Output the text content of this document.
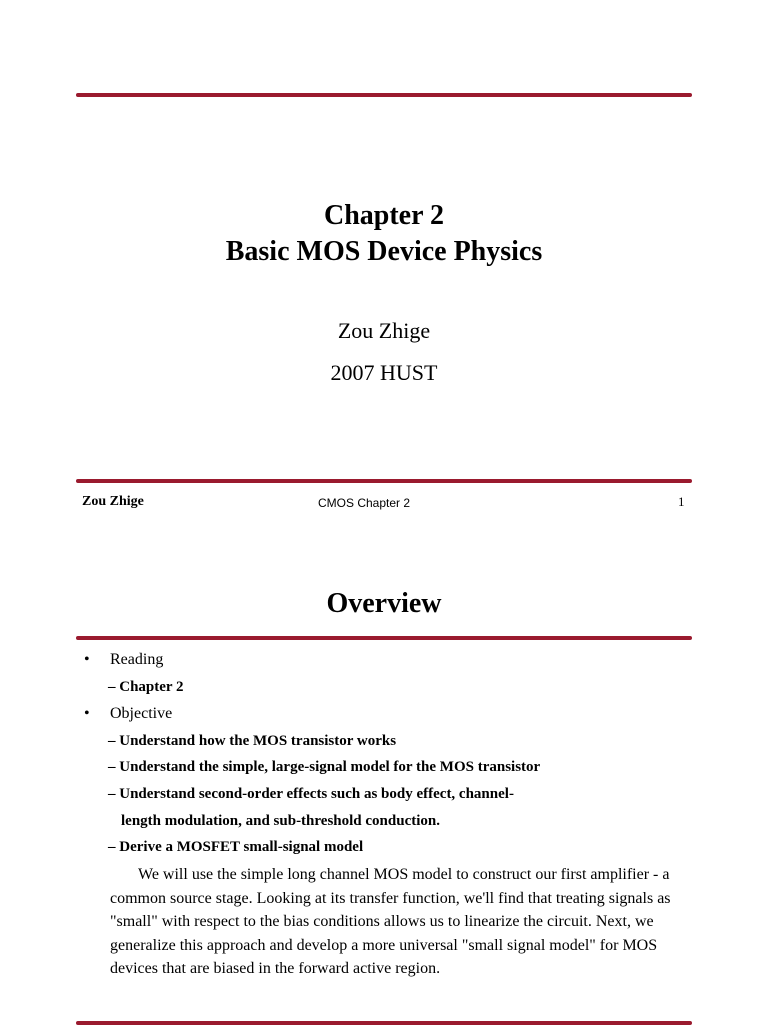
Chapter 2
Basic MOS Device Physics
Zou Zhige
2007 HUST
Zou Zhige	CMOS Chapter 2	1
Overview
• Reading
– Chapter 2
• Objective
– Understand how the MOS transistor works
– Understand the simple, large-signal model for the MOS transistor
– Understand second-order effects such as body effect, channel-
length modulation, and sub-threshold conduction.
– Derive a MOSFET small-signal model
We will use the simple long channel MOS model to construct our first amplifier - a common source stage. Looking at its transfer function, we'll find that treating signals as "small" with respect to the bias conditions allows us to linearize the circuit. Next, we generalize this approach and develop a more universal "small signal model" for MOS devices that are biased in the forward active region.
